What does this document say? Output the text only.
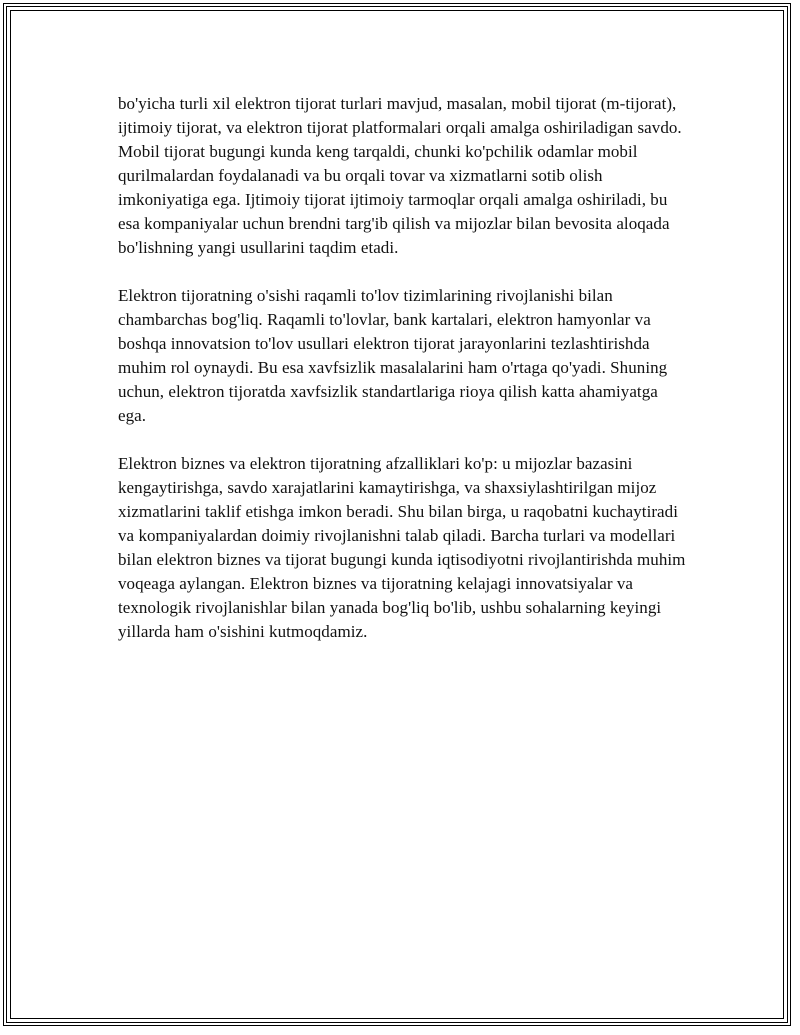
bo'yicha turli xil elektron tijorat turlari mavjud, masalan, mobil tijorat (m-tijorat), ijtimoiy tijorat, va elektron tijorat platformalari orqali amalga oshiriladigan savdo. Mobil tijorat bugungi kunda keng tarqaldi, chunki ko'pchilik odamlar mobil qurilmalardan foydalanadi va bu orqali tovar va xizmatlarni sotib olish imkoniyatiga ega. Ijtimoiy tijorat ijtimoiy tarmoqlar orqali amalga oshiriladi, bu esa kompaniyalar uchun brendni targ'ib qilish va mijozlar bilan bevosita aloqada bo'lishning yangi usullarini taqdim etadi.

Elektron tijoratning o'sishi raqamli to'lov tizimlarining rivojlanishi bilan chambarchas bog'liq. Raqamli to'lovlar, bank kartalari, elektron hamyonlar va boshqa innovatsion to'lov usullari elektron tijorat jarayonlarini tezlashtirishda muhim rol oynaydi. Bu esa xavfsizlik masalalarini ham o'rtaga qo'yadi. Shuning uchun, elektron tijoratda xavfsizlik standartlariga rioya qilish katta ahamiyatga ega.

Elektron biznes va elektron tijoratning afzalliklari ko'p: u mijozlar bazasini kengaytirishga, savdo xarajatlarini kamaytirishga, va shaxsiylashtirilgan mijoz xizmatlarini taklif etishga imkon beradi. Shu bilan birga, u raqobatni kuchaytiradi va kompaniyalardan doimiy rivojlanishni talab qiladi. Barcha turlari va modellari bilan elektron biznes va tijorat bugungi kunda iqtisodiyotni rivojlantirishda muhim voqeaga aylangan. Elektron biznes va tijoratning kelajagi innovatsiyalar va texnologik rivojlanishlar bilan yanada bog'liq bo'lib, ushbu sohalarning keyingi yillarda ham o'sishini kutmoqdamiz.
